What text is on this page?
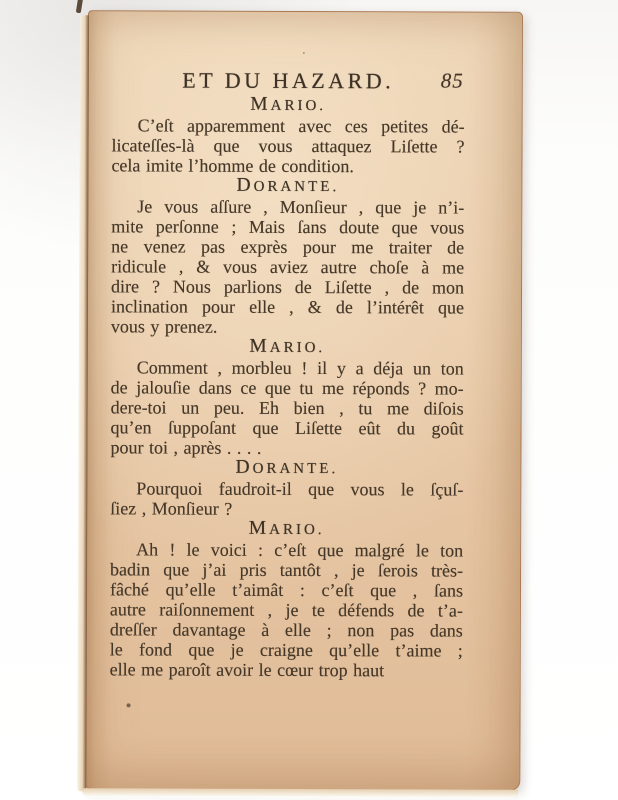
ET DU HAZARD. 85
MARIO.
C’eſt apparemment avec ces petites dé-
licateſſes-là que vous attaquez Liſette ?
cela imite l’homme de condition.
DORANTE.
Je vous aſſure , Monſieur , que je n’i-
mite perſonne ; Mais ſans doute que vous
ne venez pas exprès pour me traiter de
ridicule , & vous aviez autre choſe à me
dire ? Nous parlions de Liſette , de mon
inclination pour elle , & de l’intérêt que
vous y prenez.
MARIO.
Comment , morbleu ! il y a déja un ton
de jalouſie dans ce que tu me réponds ? mo-
dere-toi un peu. Eh bien , tu me diſois
qu’en ſuppoſant que Liſette eût du goût
pour toi , après . . . .
DORANTE.
Pourquoi faudroit-il que vous le ſçuſ-
ſiez , Monſieur ?
MARIO.
Ah ! le voici : c’eſt que malgré le ton
badin que j’ai pris tantôt , je ſerois très-
fâché qu’elle t’aimât : c’eſt que , ſans
autre raiſonnement , je te défends de t’a-
dreſſer davantage à elle ; non pas dans
le fond que je craigne qu’elle t’aime ;
elle me paroît avoir le cœur trop haut
